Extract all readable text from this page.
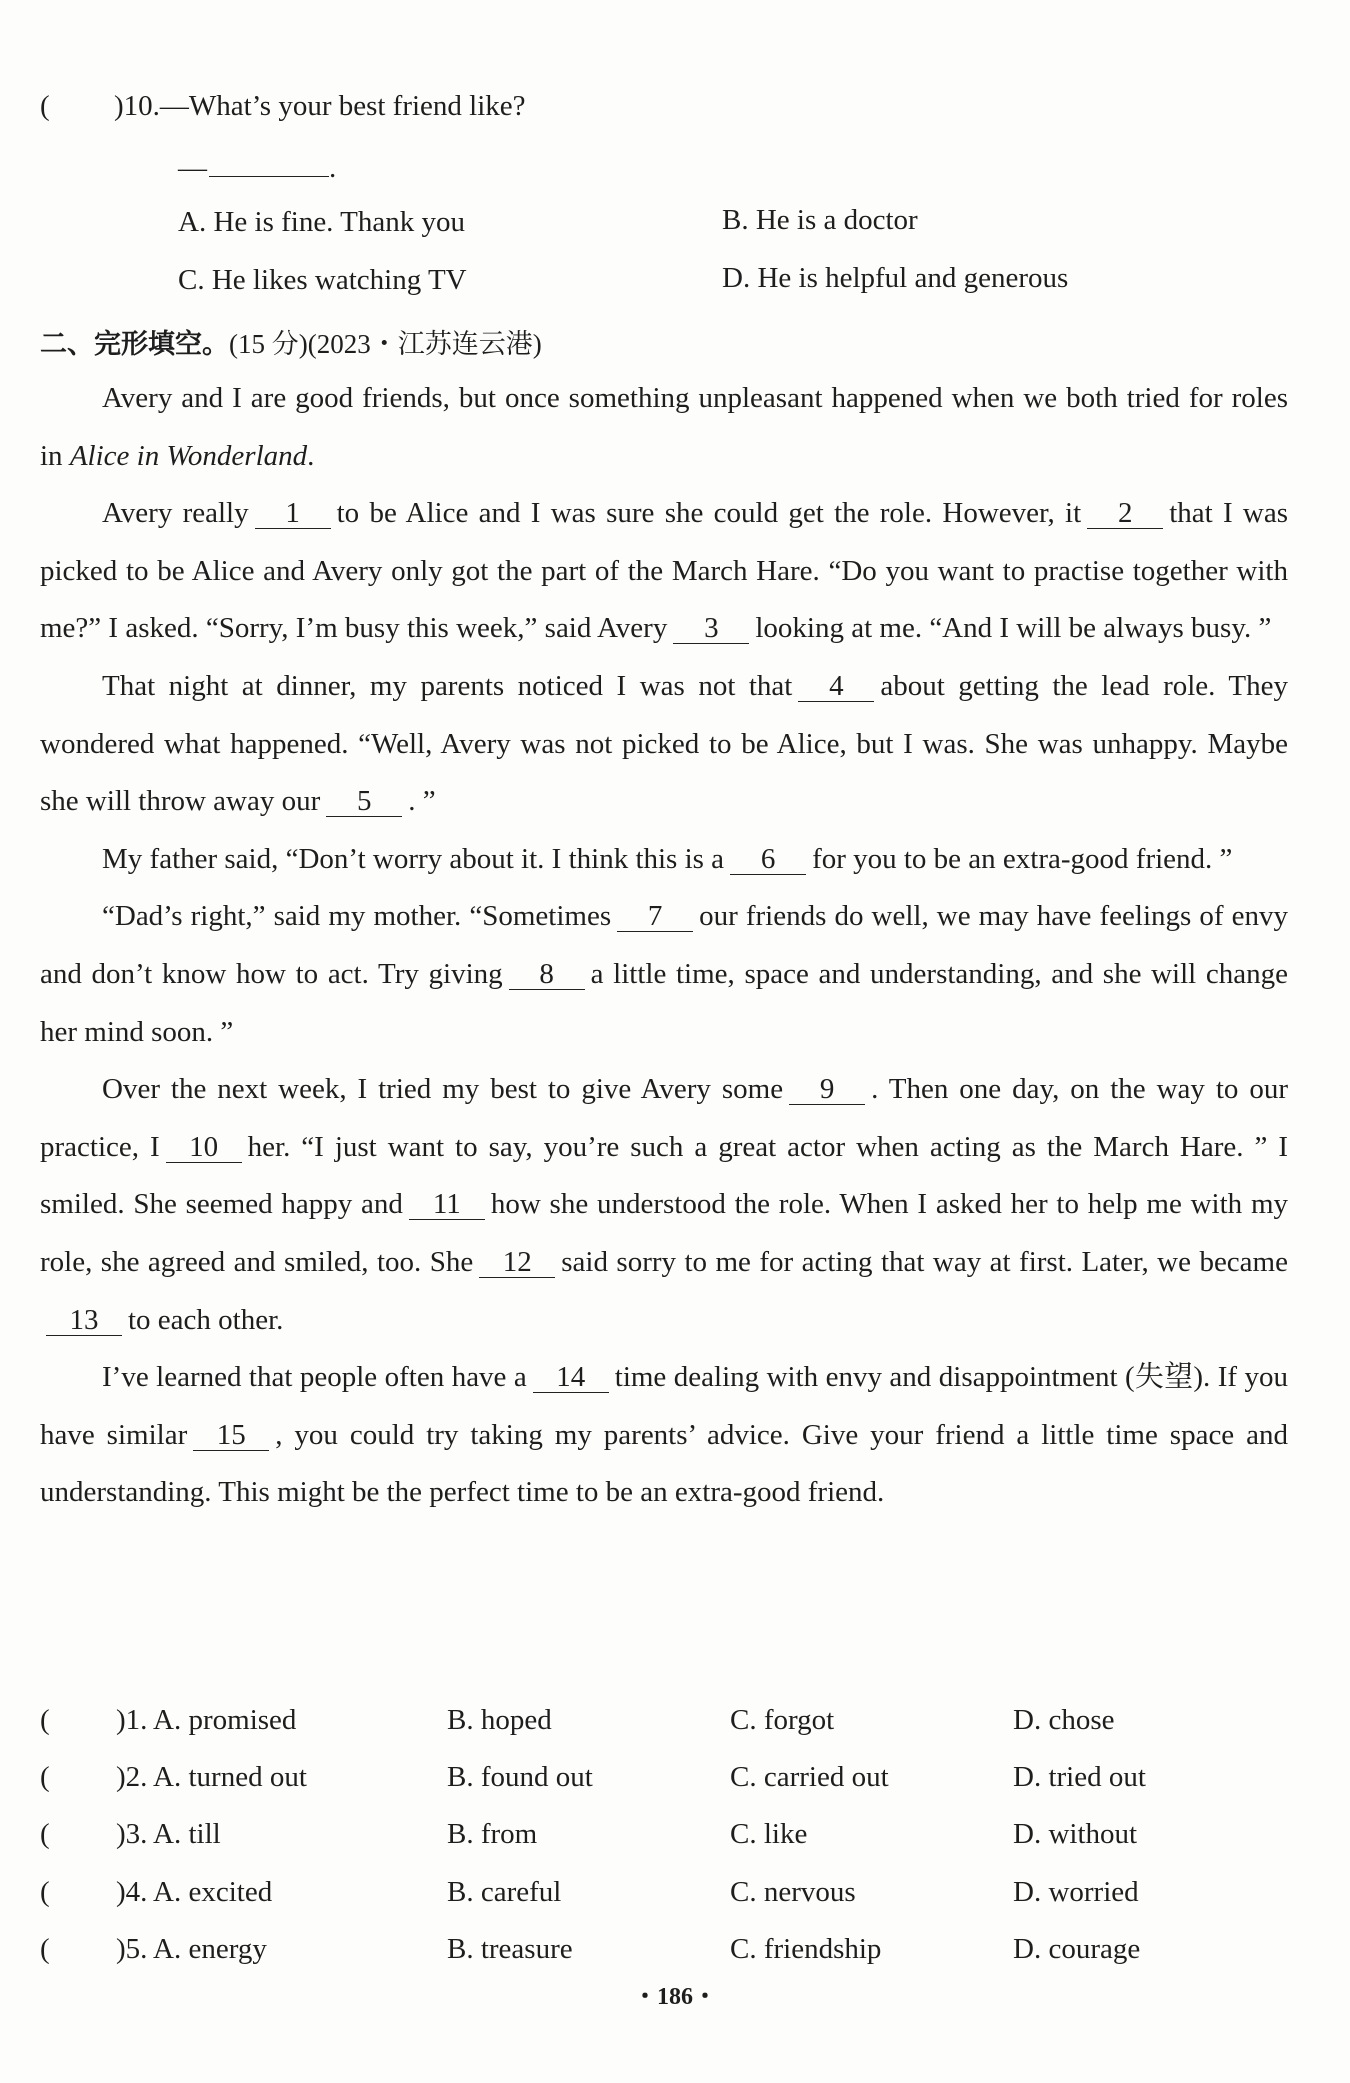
( )10.—What’s your best friend like?
—	.
A. He is fine. Thank you	B. He is a doctor
C. He likes watching TV	D. He is helpful and generous
二、完形填空。(15 分)(2023・江苏连云港)

Avery and I are good friends, but once something unpleasant happened when we both tried for roles in Alice in Wonderland.

Avery really 1 to be Alice and I was sure she could get the role. However, it 2 that I was picked to be Alice and Avery only got the part of the March Hare. “Do you want to practise together with me?” I asked. “Sorry, I’m busy this week,” said Avery 3 looking at me. “And I will be always busy. ”

That night at dinner, my parents noticed I was not that 4 about getting the lead role. They wondered what happened. “Well, Avery was not picked to be Alice, but I was. She was unhappy. Maybe she will throw away our 5 . ”

My father said, “Don’t worry about it. I think this is a 6 for you to be an extra-good friend. ”

“Dad’s right,” said my mother. “Sometimes 7 our friends do well, we may have feelings of envy and don’t know how to act. Try giving 8 a little time, space and understanding, and she will change her mind soon. ”

Over the next week, I tried my best to give Avery some 9 . Then one day, on the way to our practice, I 10 her. “I just want to say, you’re such a great actor when acting as the March Hare. ” I smiled. She seemed happy and 11 how she understood the role. When I asked her to help me with my role, she agreed and smiled, too. She 12 said sorry to me for acting that way at first. Later, we became13 to each other.

I’ve learned that people often have a 14 time dealing with envy and disappointment (失望). If you have similar 15 , you could try taking my parents’ advice. Give your friend a little time space and understanding. This might be the perfect time to be an extra-good friend.

( )1. A. promised	B. hoped	C. forgot	D. chose
( )2. A. turned out	B. found out	C. carried out	D. tried out
( )3. A. till	B. from	C. like	D. without
( )4. A. excited	B. careful	C. nervous	D. worried
( )5. A. energy	B. treasure	C. friendship	D. courage
・186・
